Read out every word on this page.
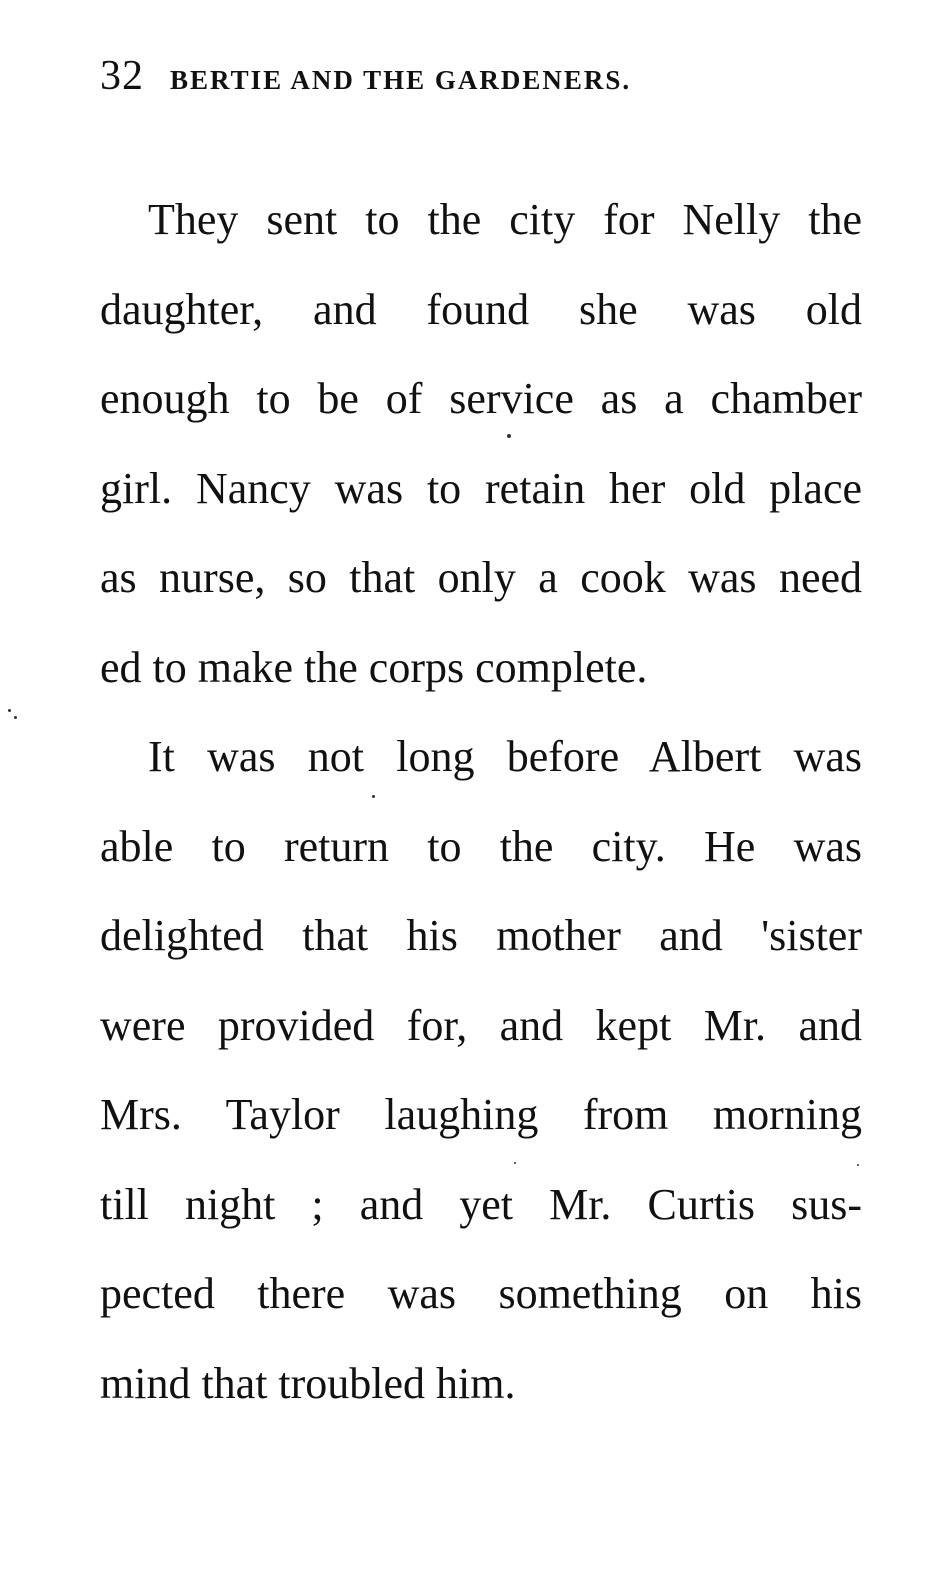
32 BERTIE AND THE GARDENERS.
They sent to the city for Nelly the
daughter, and found she was old
enough to be of service as a chamber
girl. Nancy was to retain her old place
as nurse, so that only a cook was need
ed to make the corps complete.
It was not long before Albert was
able to return to the city. He was
delighted that his mother and 'sister
were provided for, and kept Mr. and
Mrs. Taylor laughing from morning
till night ; and yet Mr. Curtis sus-
pected there was something on his
mind that troubled him.
